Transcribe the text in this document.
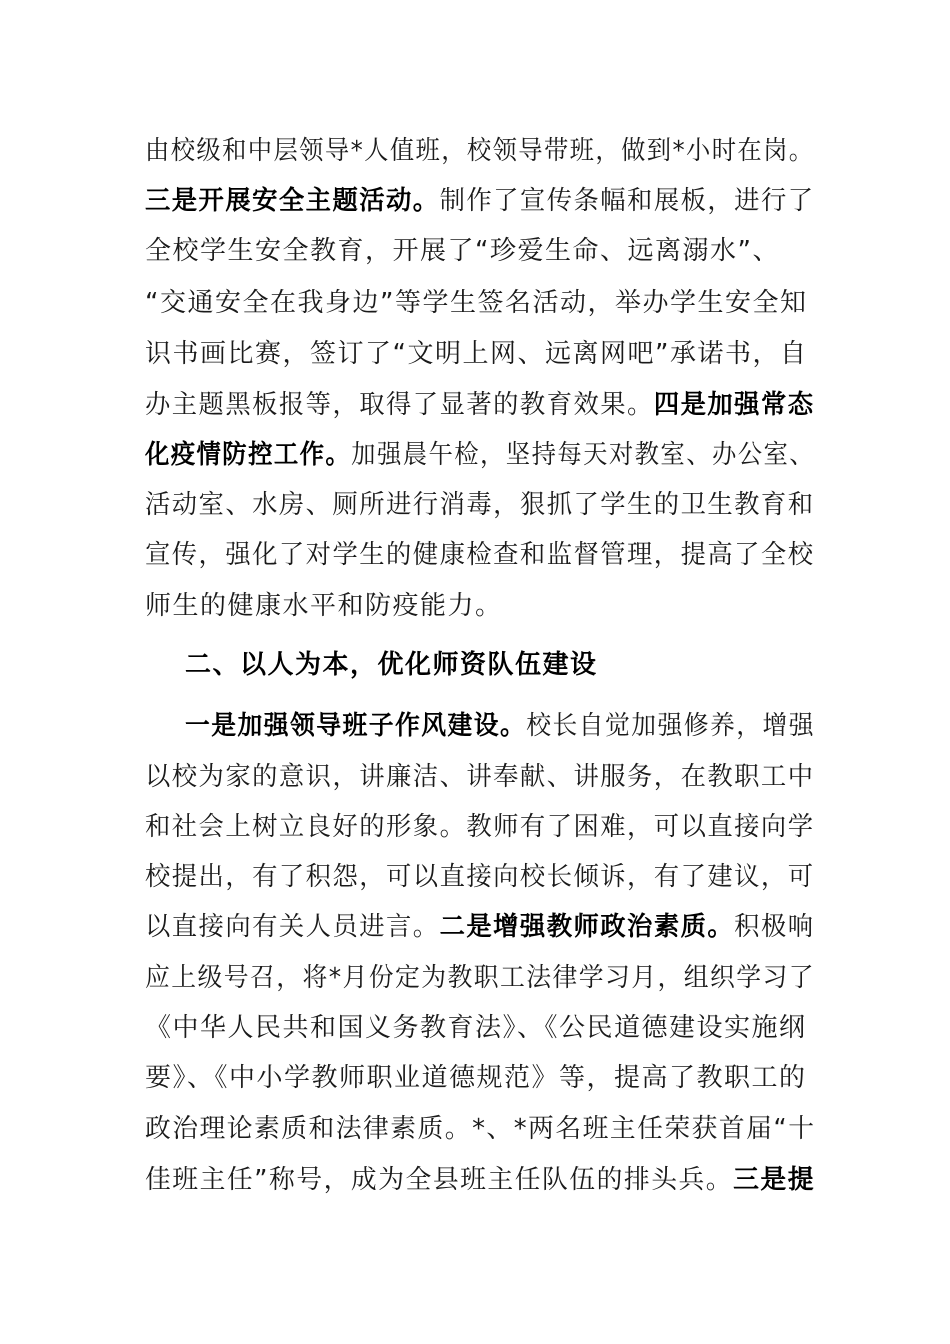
由校级和中层领导*人值班，校领导带班，做到*小时在岗。
三是开展安全主题活动。制作了宣传条幅和展板，进行了
全校学生安全教育，开展了“珍爱生命、远离溺水”、
“交通安全在我身边”等学生签名活动，举办学生安全知
识书画比赛，签订了“文明上网、远离网吧”承诺书，自
办主题黑板报等，取得了显著的教育效果。四是加强常态
化疫情防控工作。加强晨午检，坚持每天对教室、办公室、
活动室、水房、厕所进行消毒，狠抓了学生的卫生教育和
宣传，强化了对学生的健康检查和监督管理，提高了全校
师生的健康水平和防疫能力。
二、以人为本，优化师资队伍建设
一是加强领导班子作风建设。校长自觉加强修养，增强
以校为家的意识，讲廉洁、讲奉献、讲服务，在教职工中
和社会上树立良好的形象。教师有了困难，可以直接向学
校提出，有了积怨，可以直接向校长倾诉，有了建议，可
以直接向有关人员进言。二是增强教师政治素质。积极响
应上级号召，将*月份定为教职工法律学习月，组织学习了
《中华人民共和国义务教育法》、《公民道德建设实施纲
要》、《中小学教师职业道德规范》等，提高了教职工的
政治理论素质和法律素质。*、*两名班主任荣获首届“十
佳班主任”称号，成为全县班主任队伍的排头兵。三是提
